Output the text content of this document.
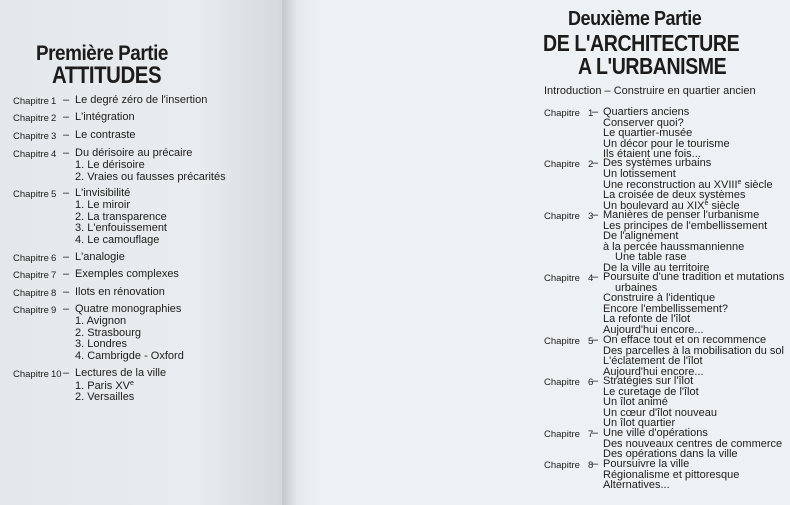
Première Partie
ATTITUDES
Deuxième Partie
DE L'ARCHITECTURE
A L'URBANISME
Introduction – Construire en quartier ancien
Chapitre 1 – Le degré zéro de l'insertion
Chapitre 2 – L'intégration
Chapitre 3 – Le contraste
Chapitre 4 – Du dérisoire au précaire
1. Le dérisoire
2. Vraies ou fausses précarités
Chapitre 5 – L'invisibilité
1. Le miroir
2. La transparence
3. L'enfouissement
4. Le camouflage
Chapitre 6 – L'analogie
Chapitre 7 – Exemples complexes
Chapitre 8 – Ilots en rénovation
Chapitre 9 – Quatre monographies
1. Avignon
2. Strasbourg
3. Londres
4. Cambrigde - Oxford
Chapitre 10 – Lectures de la ville
1. Paris XVe
2. Versailles
Chapitre 1
– Quartiers anciens
Conserver quoi?
Le quartier-musée
Un décor pour le tourisme
Ils étaient une fois...
Chapitre 2
– Des systèmes urbains
Un lotissement
Une reconstruction au XVIIIe siècle
La croisée de deux systèmes
Un boulevard au XIXe siècle
Chapitre 3
– Manières de penser l'urbanisme
Les principes de l'embellissement
De l'alignement
à la percée haussmannienne
Une table rase
De la ville au territoire
Chapitre 4
– Poursuite d'une tradition et mutations
urbaines
Construire à l'identique
Encore l'embellissement?
La refonte de l'îlot
Aujourd'hui encore...
Chapitre 5
– On efface tout et on recommence
Des parcelles à la mobilisation du sol
L'éclatement de l'îlot
Aujourd'hui encore...
Chapitre 6
– Stratégies sur l'îlot
Le curetage de l'îlot
Un îlot animé
Un cœur d'îlot nouveau
Un îlot quartier
Chapitre 7
– Une ville d'opérations
Des nouveaux centres de commerce
Des opérations dans la ville
Chapitre 8
– Poursuivre la ville
Régionalisme et pittoresque
Alternatives...
